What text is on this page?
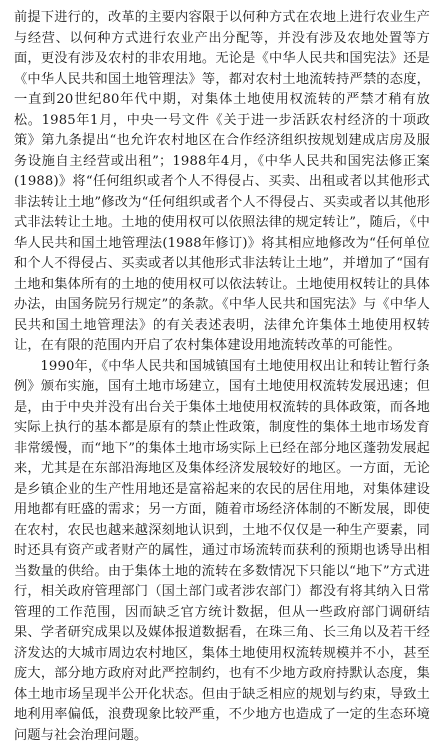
前提下进行的，改革的主要内容限于以何种方式在农地上进行农业生产与经营、以何种方式进行农业产出分配等，并没有涉及农地处置等方面，更没有涉及农村的非农用地。无论是《中华人民共和国宪法》还是《中华人民共和国土地管理法》等，都对农村土地流转持严禁的态度，一直到20世纪80年代中期，对集体土地使用权流转的严禁才稍有放松。1985年1月，中央一号文件《关于进一步活跃农村经济的十项政策》第九条提出“也允许农村地区在合作经济组织按规划建成店房及服务设施自主经营或出租”；1988年4月，《中华人民共和国宪法修正案(1988)》将“任何组织或者个人不得侵占、买卖、出租或者以其他形式非法转让土地”修改为“任何组织或者个人不得侵占、买卖或者以其他形式非法转让土地。土地的使用权可以依照法律的规定转让”，随后，《中华人民共和国土地管理法(1988年修订)》将其相应地修改为“任何单位和个人不得侵占、买卖或者以其他形式非法转让土地”，并增加了“国有土地和集体所有的土地的使用权可以依法转让。土地使用权转让的具体办法，由国务院另行规定”的条款。《中华人民共和国宪法》与《中华人民共和国土地管理法》的有关表述表明，法律允许集体土地使用权转让，在有限的范围内开启了农村集体建设用地流转改革的可能性。

1990年，《中华人民共和国城镇国有土地使用权出让和转让暂行条例》颁布实施，国有土地市场建立，国有土地使用权流转发展迅速；但是，由于中央并没有出台关于集体土地使用权流转的具体政策，而各地实际上执行的基本都是原有的禁止性政策，制度性的集体土地市场发育非常缓慢，而“地下”的集体土地市场实际上已经在部分地区蓬勃发展起来，尤其是在东部沿海地区及集体经济发展较好的地区。一方面，无论是乡镇企业的生产性用地还是富裕起来的农民的居住用地，对集体建设用地都有旺盛的需求；另一方面，随着市场经济体制的不断发展，即使在农村，农民也越来越深刻地认识到，土地不仅仅是一种生产要素，同时还具有资产或者财产的属性，通过市场流转而获利的预期也诱导出相当数量的供给。由于集体土地的流转在多数情况下只能以“地下”方式进行，相关政府管理部门（国土部门或者涉农部门）都没有将其纳入日常管理的工作范围，因而缺乏官方统计数据，但从一些政府部门调研结果、学者研究成果以及媒体报道数据看，在珠三角、长三角以及若干经济发达的大城市周边农村地区，集体土地使用权流转规模并不小，甚至庞大，部分地方政府对此严控制约，也有不少地方政府持默认态度，集体土地市场呈现半公开化状态。但由于缺乏相应的规划与约束，导致土地利用率偏低，浪费现象比较严重，不少地方也造成了一定的生态环境问题与社会治理问题。
